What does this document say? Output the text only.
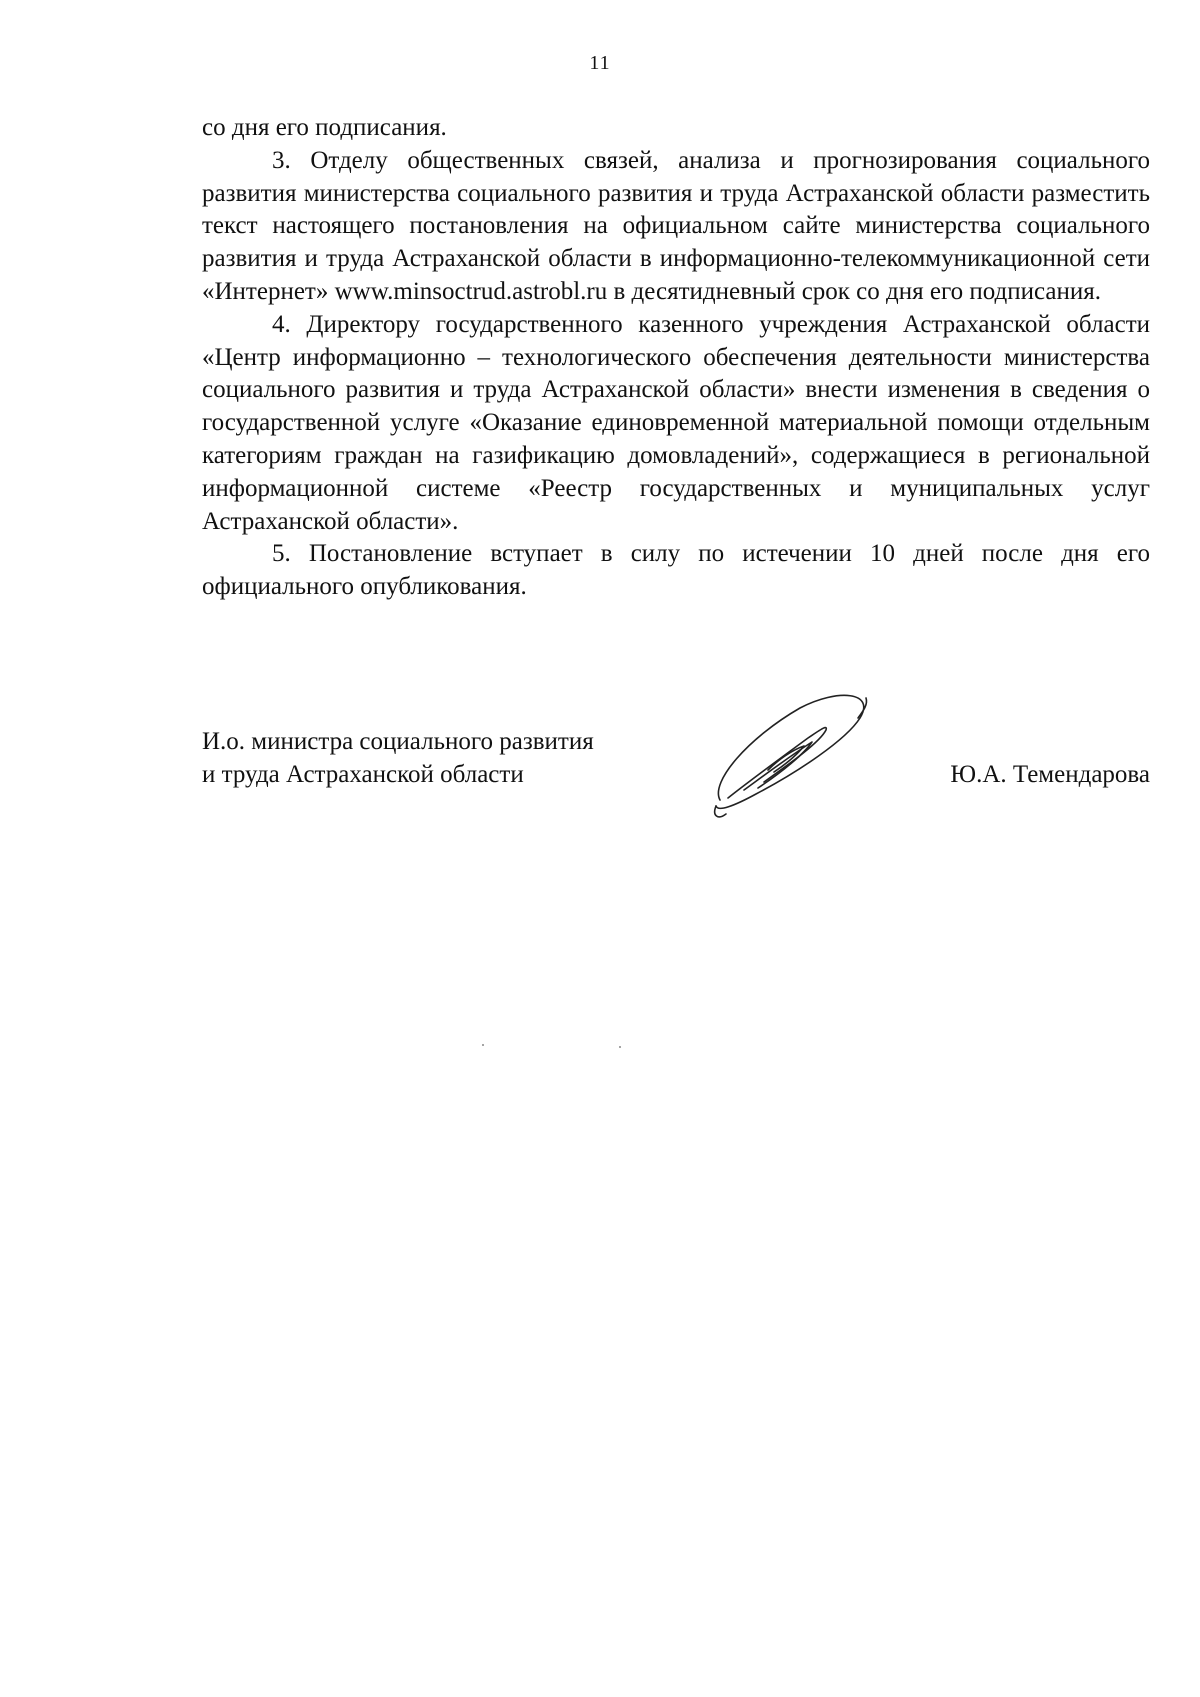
11

со дня его подписания.

3. Отделу общественных связей, анализа и прогнозирования социального развития министерства социального развития и труда Астраханской области разместить текст настоящего постановления на официальном сайте министерства социального развития и труда Астраханской области в информационно-телекоммуникационной сети «Интернет» www.minsoctrud.astrobl.ru в десятидневный срок со дня его подписания.

4. Директору государственного казенного учреждения Астраханской области «Центр информационно – технологического обеспечения деятельности министерства социального развития и труда Астраханской области» внести изменения в сведения о государственной услуге «Оказание единовременной материальной помощи отдельным категориям граждан на газификацию домовладений», содержащиеся в региональной информационной системе «Реестр государственных и муниципальных услуг Астраханской области».

5. Постановление вступает в силу по истечении 10 дней после дня его официального опубликования.

И.о. министра социального развития
и труда Астраханской области	Ю.А. Темендарова
